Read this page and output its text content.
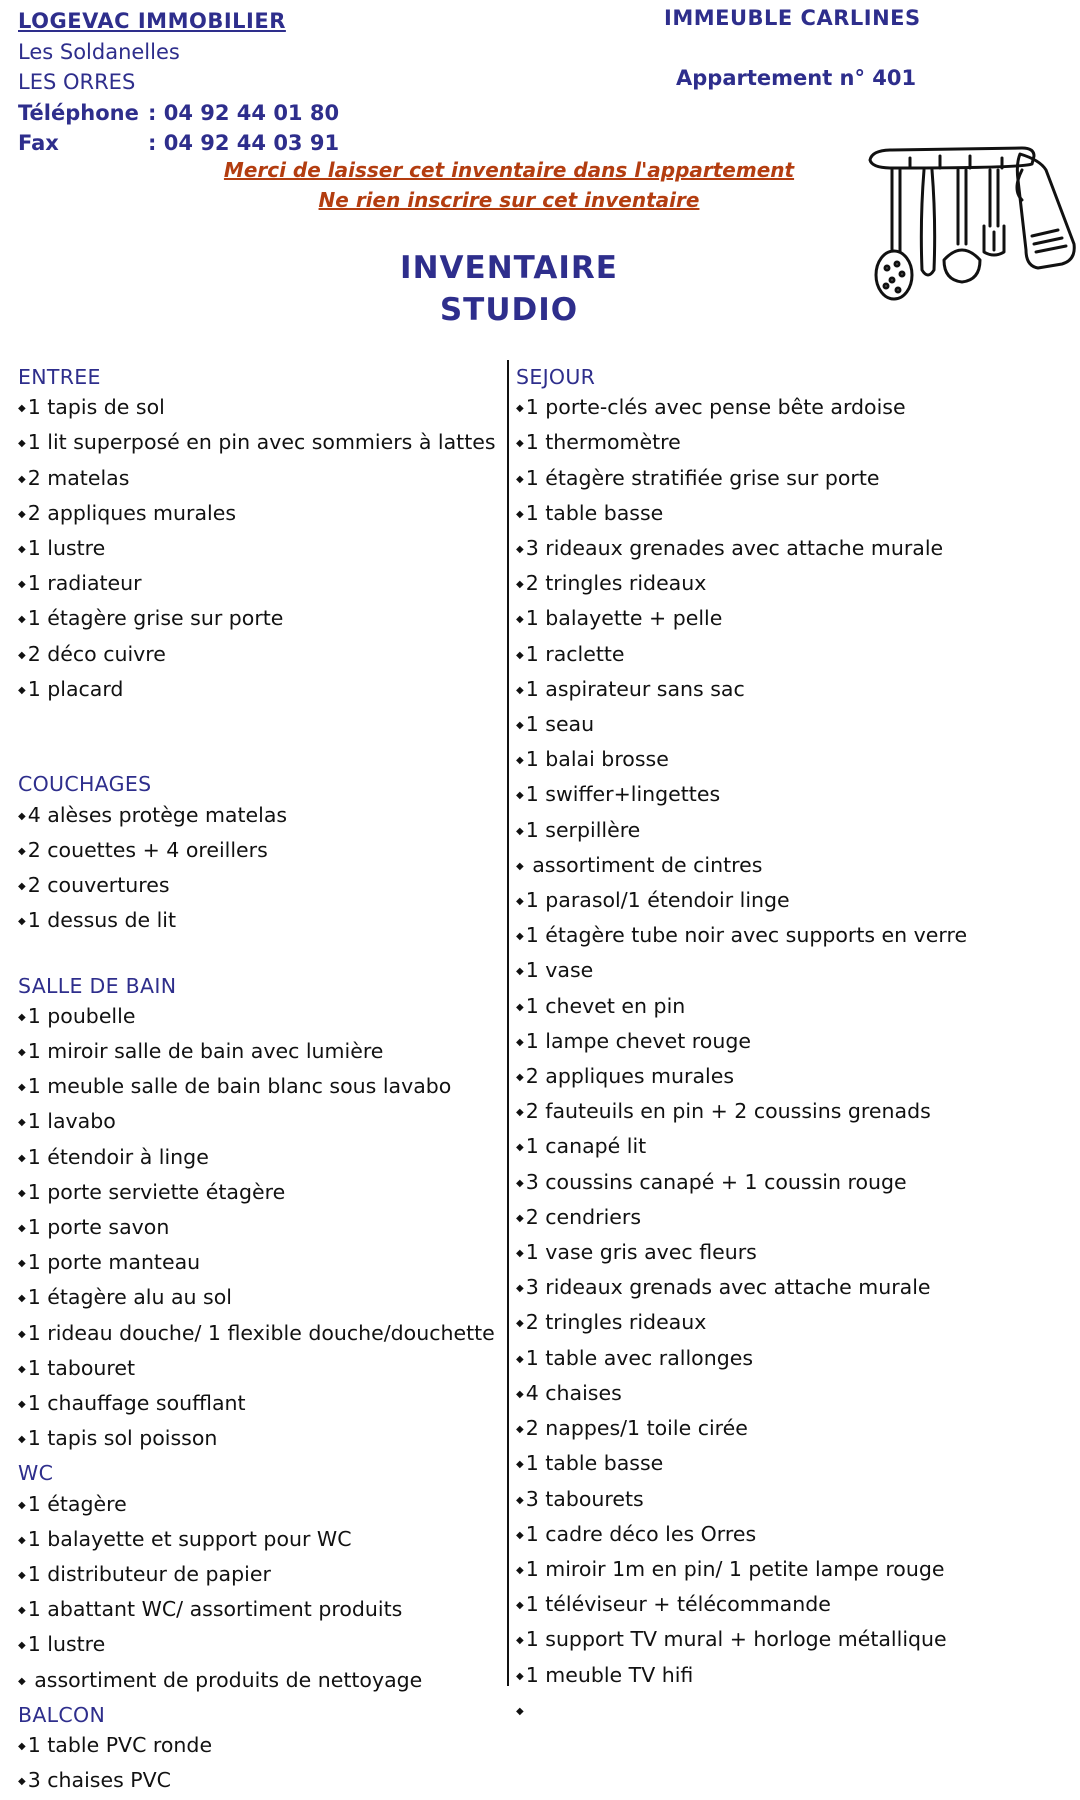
LOGEVAC IMMOBILIER
Les Soldanelles
LES ORRES
Téléphone : 04 92 44 01 80
Fax	: 04 92 44 03 91
IMMEUBLE CARLINES
Appartement n° 401
Merci de laisser cet inventaire dans l'appartement
Ne rien inscrire sur cet inventaire
INVENTAIRE
STUDIO
ENTREE
◆ 1 tapis de sol
◆ 1 lit superposé en pin avec sommiers à lattes
◆ 2 matelas
◆ 2 appliques murales
◆ 1 lustre
◆ 1 radiateur
◆ 1 étagère grise sur porte
◆ 2 déco cuivre
◆ 1 placard
COUCHAGES
◆ 4 alèses protège matelas
◆ 2 couettes + 4 oreillers
◆ 2 couvertures
◆ 1 dessus de lit
SALLE DE BAIN
◆ 1 poubelle
◆ 1 miroir salle de bain avec lumière
◆ 1 meuble salle de bain blanc sous lavabo
◆ 1 lavabo
◆ 1 étendoir à linge
◆ 1 porte serviette étagère
◆ 1 porte savon
◆ 1 porte manteau
◆ 1 étagère alu au sol
◆ 1 rideau douche/ 1 flexible douche/douchette
◆ 1 tabouret
◆ 1 chauffage soufflant
◆ 1 tapis sol poisson
WC
◆ 1 étagère
◆ 1 balayette et support pour WC
◆ 1 distributeur de papier
◆ 1 abattant WC/ assortiment produits
◆ 1 lustre
◆ assortiment de produits de nettoyage
BALCON
◆ 1 table PVC ronde
◆ 3 chaises PVC
SEJOUR
◆ 1 porte-clés avec pense bête ardoise
◆ 1 thermomètre
◆ 1 étagère stratifiée grise sur porte
◆ 1 table basse
◆ 3 rideaux grenades avec attache murale
◆ 2 tringles rideaux
◆ 1 balayette + pelle
◆ 1 raclette
◆ 1 aspirateur sans sac
◆ 1 seau
◆ 1 balai brosse
◆ 1 swiffer+lingettes
◆ 1 serpillère
◆ assortiment de cintres
◆ 1 parasol/1 étendoir linge
◆ 1 étagère tube noir avec supports en verre
◆ 1 vase
◆ 1 chevet en pin
◆ 1 lampe chevet rouge
◆ 2 appliques murales
◆ 2 fauteuils en pin + 2 coussins grenads
◆ 1 canapé lit
◆ 3 coussins canapé + 1 coussin rouge
◆ 2 cendriers
◆ 1 vase gris avec fleurs
◆ 3 rideaux grenads avec attache murale
◆ 2 tringles rideaux
◆ 1 table avec rallonges
◆ 4 chaises
◆ 2 nappes/1 toile cirée
◆ 1 table basse
◆ 3 tabourets
◆ 1 cadre déco les Orres
◆ 1 miroir 1m en pin/ 1 petite lampe rouge
◆ 1 téléviseur + télécommande
◆ 1 support TV mural + horloge métallique
◆ 1 meuble TV hifi
◆
